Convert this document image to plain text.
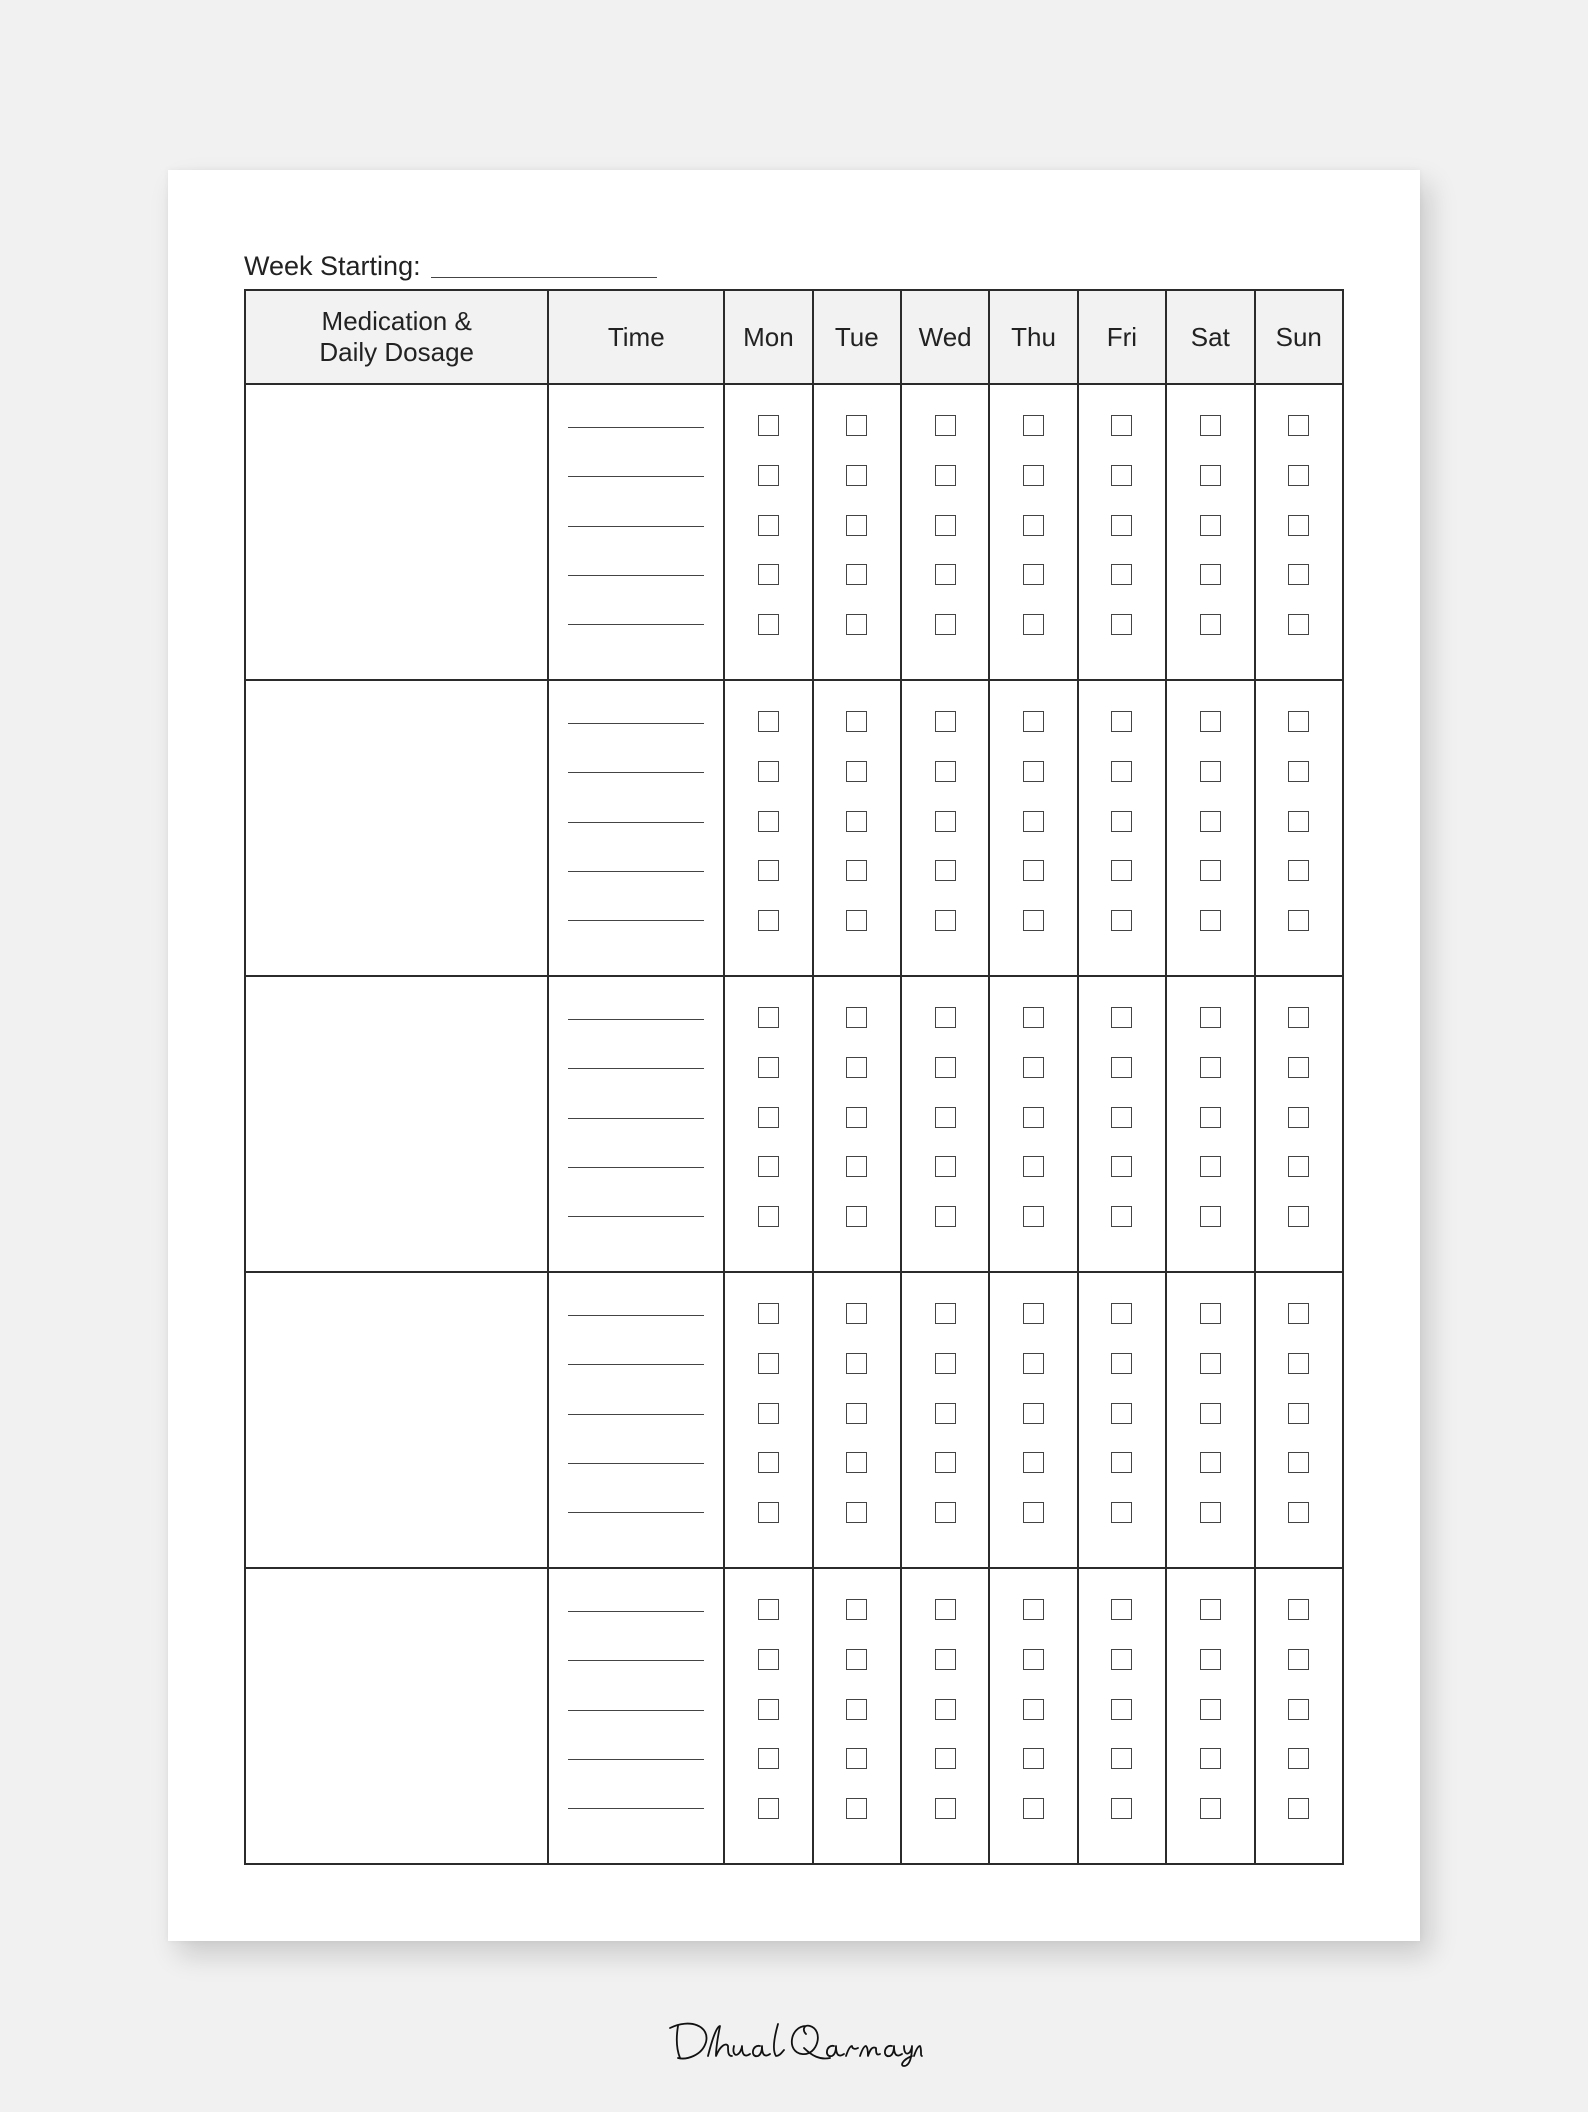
Week Starting:
Medication &
Daily Dosage	Time	Mon	Tue	Wed	Thu	Fri	Sat	Sun
